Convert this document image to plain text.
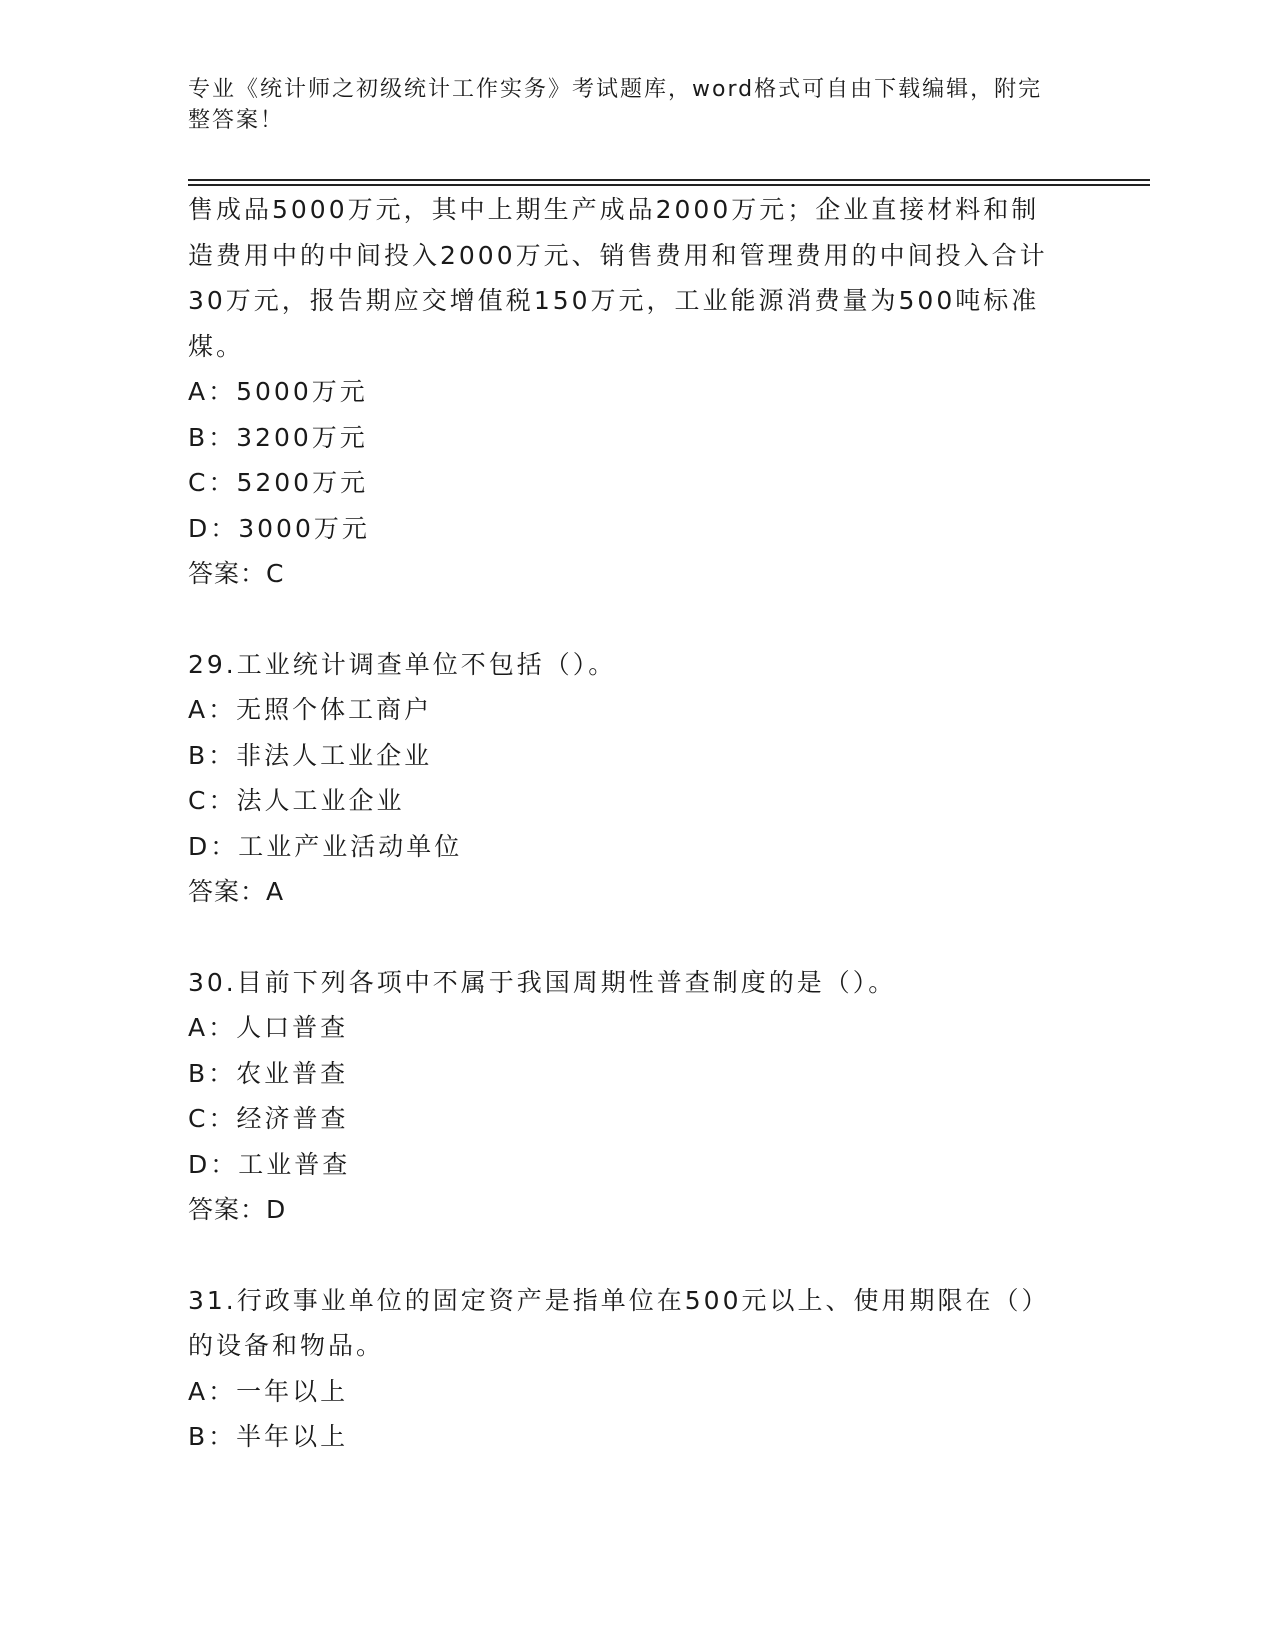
专业《统计师之初级统计工作实务》考试题库，word格式可自由下载编辑，附完
整答案！
售成品5000万元，其中上期生产成品2000万元；企业直接材料和制
造费用中的中间投入2000万元、销售费用和管理费用的中间投入合计
30万元，报告期应交增值税150万元，工业能源消费量为500吨标准
煤。
A：5000万元
B：3200万元
C：5200万元
D：3000万元
答案：C
29.工业统计调查单位不包括（）。
A：无照个体工商户
B：非法人工业企业
C：法人工业企业
D：工业产业活动单位
答案：A
30.目前下列各项中不属于我国周期性普查制度的是（）。
A：人口普查
B：农业普查
C：经济普查
D：工业普查
答案：D
31.行政事业单位的固定资产是指单位在500元以上、使用期限在（）
的设备和物品。
A：一年以上
B：半年以上
